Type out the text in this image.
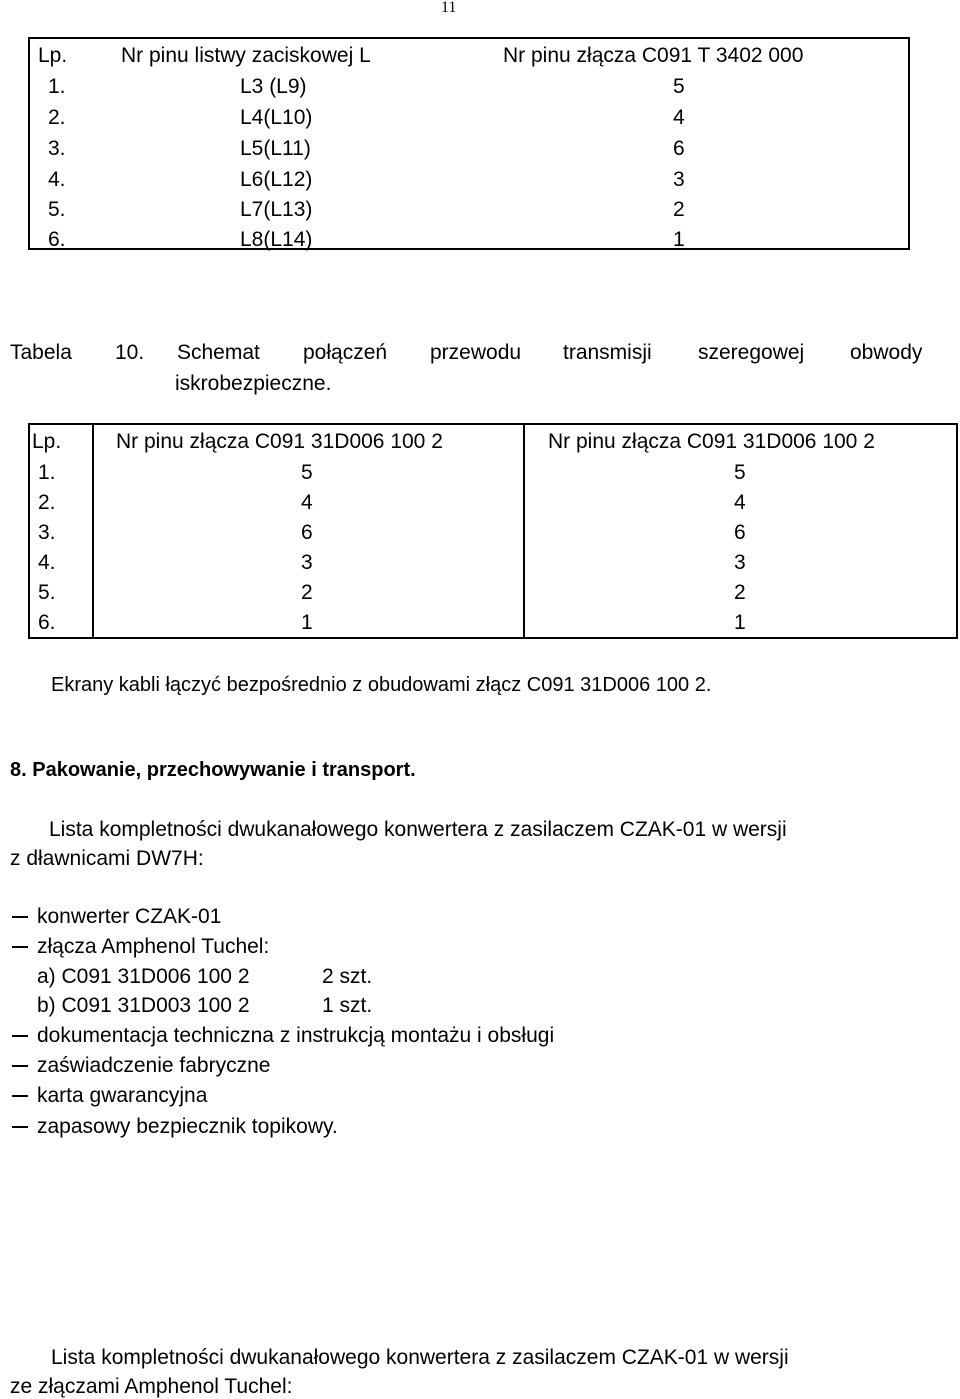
11
Lp.	Nr pinu listwy zaciskowej L	Nr pinu złącza C091 T 3402 000
1.	L3 (L9)	5
2.	L4(L10)	4
3.	L5(L11)	6
4.	L6(L12)	3
5.	L7(L13)	2
6.	L8(L14)	1
Tabela 10. Schemat połączeń przewodu transmisji szeregowej obwody
iskrobezpieczne.
Lp.	Nr pinu złącza C091 31D006 100 2	Nr pinu złącza C091 31D006 100 2
1.	5	5
2.	4	4
3.	6	6
4.	3	3
5.	2	2
6.	1	1
Ekrany kabli łączyć bezpośrednio z obudowami złącz C091 31D006 100 2.
8. Pakowanie, przechowywanie i transport.
Lista kompletności dwukanałowego konwertera z zasilaczem CZAK-01 w wersji
z dławnicami DW7H:
konwerter CZAK-01
złącza Amphenol Tuchel:
a) C091 31D006 100 2	2 szt.
b) C091 31D003 100 2	1 szt.
dokumentacja techniczna z instrukcją montażu i obsługi
zaświadczenie fabryczne
karta gwarancyjna
zapasowy bezpiecznik topikowy.
Lista kompletności dwukanałowego konwertera z zasilaczem CZAK-01 w wersji
ze złączami Amphenol Tuchel:
